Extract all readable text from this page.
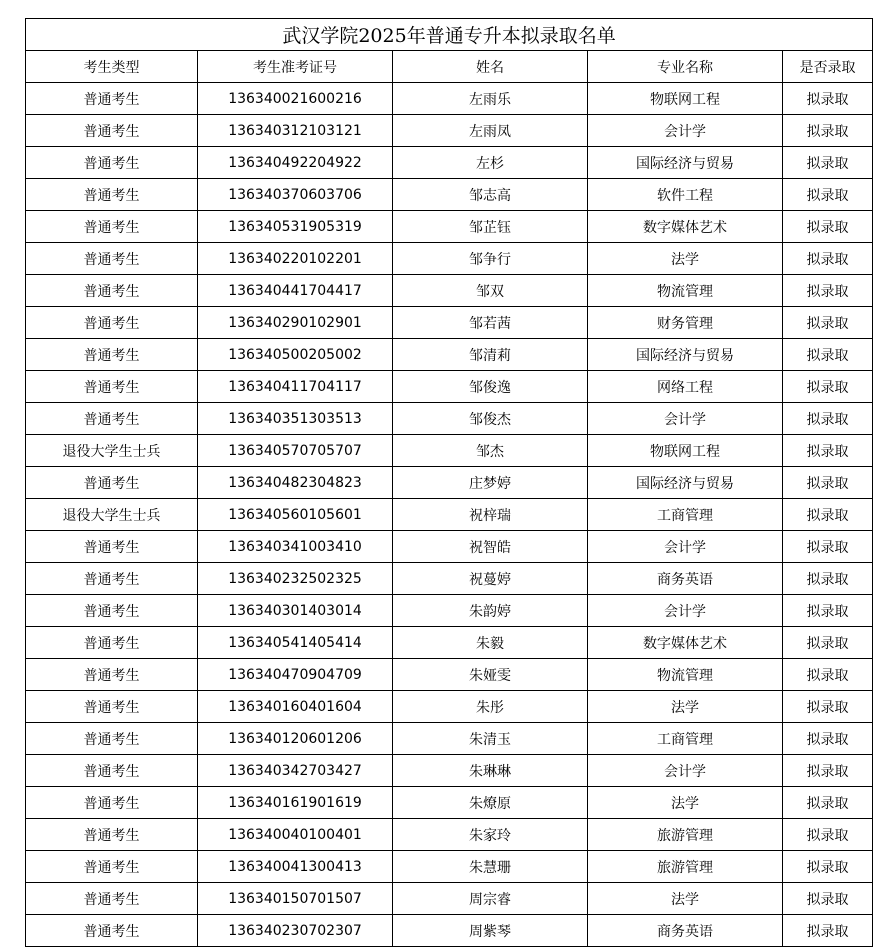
武汉学院2025年普通专升本拟录取名单				
考生类型	考生准考证号	姓名	专业名称	是否录取
普通考生	136340021600216	左雨乐	物联网工程	拟录取
普通考生	136340312103121	左雨凤	会计学	拟录取
普通考生	136340492204922	左杉	国际经济与贸易	拟录取
普通考生	136340370603706	邹志高	软件工程	拟录取
普通考生	136340531905319	邹芷钰	数字媒体艺术	拟录取
普通考生	136340220102201	邹争行	法学	拟录取
普通考生	136340441704417	邹双	物流管理	拟录取
普通考生	136340290102901	邹若茜	财务管理	拟录取
普通考生	136340500205002	邹清莉	国际经济与贸易	拟录取
普通考生	136340411704117	邹俊逸	网络工程	拟录取
普通考生	136340351303513	邹俊杰	会计学	拟录取
退役大学生士兵	136340570705707	邹杰	物联网工程	拟录取
普通考生	136340482304823	庄梦婷	国际经济与贸易	拟录取
退役大学生士兵	136340560105601	祝梓瑞	工商管理	拟录取
普通考生	136340341003410	祝智皓	会计学	拟录取
普通考生	136340232502325	祝蔓婷	商务英语	拟录取
普通考生	136340301403014	朱韵婷	会计学	拟录取
普通考生	136340541405414	朱毅	数字媒体艺术	拟录取
普通考生	136340470904709	朱娅雯	物流管理	拟录取
普通考生	136340160401604	朱彤	法学	拟录取
普通考生	136340120601206	朱清玉	工商管理	拟录取
普通考生	136340342703427	朱琳琳	会计学	拟录取
普通考生	136340161901619	朱燎原	法学	拟录取
普通考生	136340040100401	朱家玲	旅游管理	拟录取
普通考生	136340041300413	朱慧珊	旅游管理	拟录取
普通考生	136340150701507	周宗睿	法学	拟录取
普通考生	136340230702307	周紫琴	商务英语	拟录取
